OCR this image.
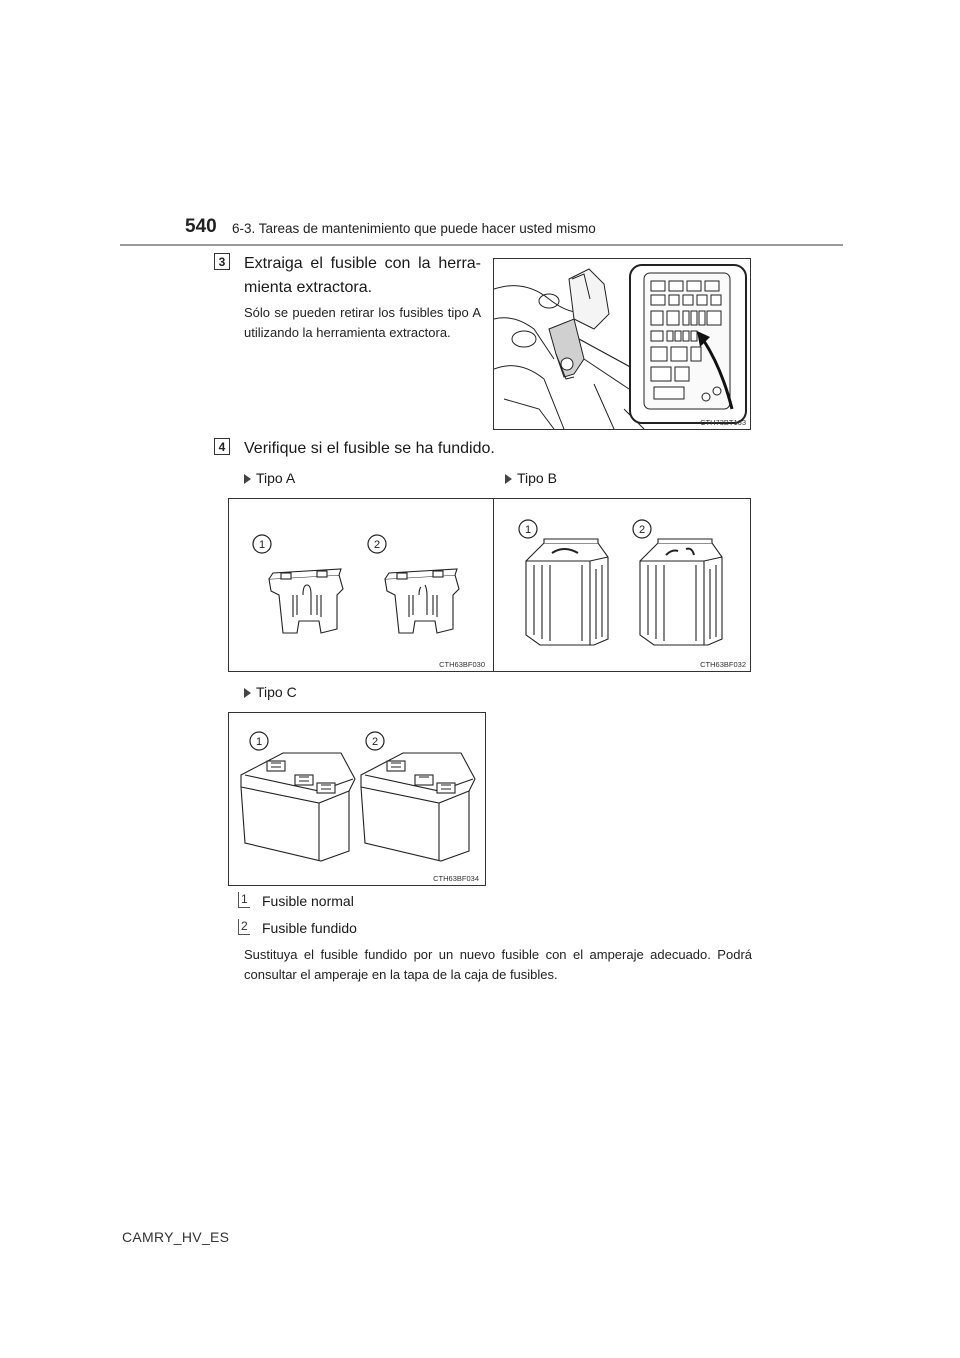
540 6-3. Tareas de mantenimiento que puede hacer usted mismo
3 Extraiga el fusible con la herra-mienta extractora.
Sólo se pueden retirar los fusibles tipo A utilizando la herramienta extractora.
CTH73BT163
4 Verifique si el fusible se ha fundido.
Tipo A	Tipo B
1	2
CTH63BF030
1	2
CTH63BF032
Tipo C
1	2
CTH63BF034
1 Fusible normal
2 Fusible fundido
Sustituya el fusible fundido por un nuevo fusible con el amperaje adecuado. Podrá consultar el amperaje en la tapa de la caja de fusibles.
CAMRY_HV_ES
